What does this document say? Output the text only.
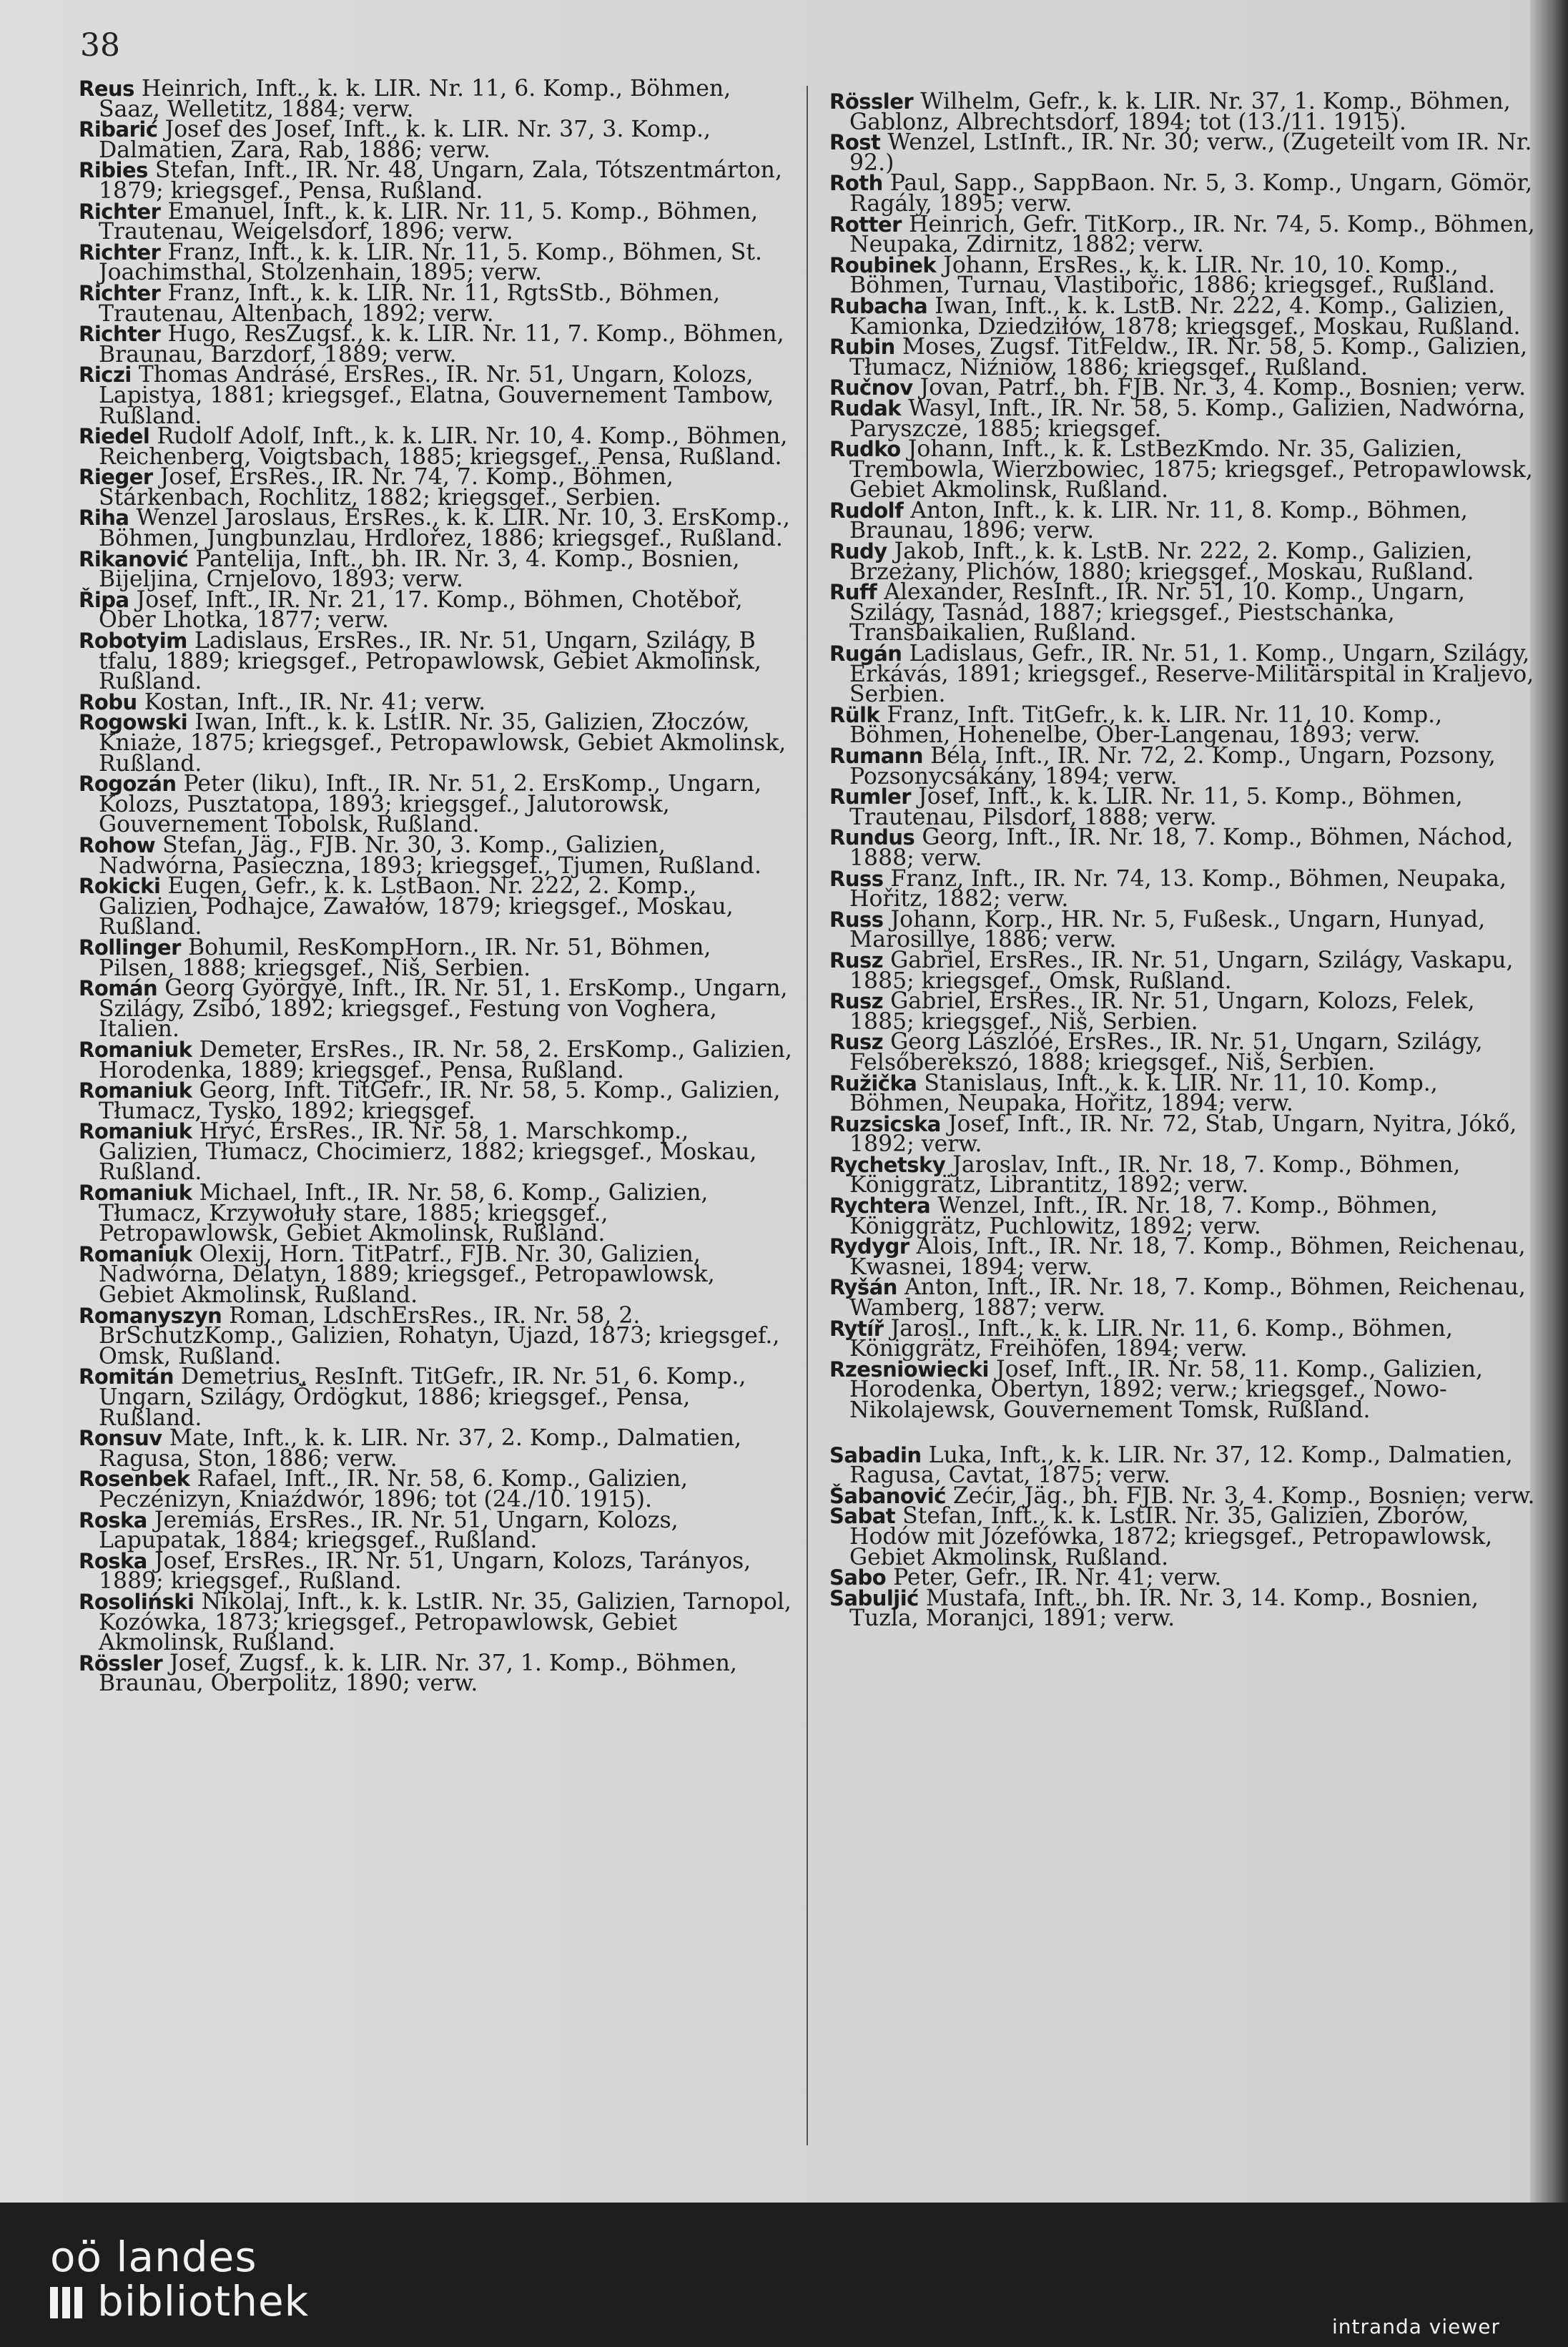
38
Reus Heinrich, Inft., k. k. LIR. Nr. 11, 6. Komp., Böhmen, Saaz, Welletitz, 1884; verw.
Ribarić Josef des Josef, Inft., k. k. LIR. Nr. 37, 3. Komp., Dalmatien, Zara, Rab, 1886; verw.
Ribies Stefan, Inft., IR. Nr. 48, Ungarn, Zala, Tótszentmárton, 1879; kriegsgef., Pensa, Rußland.
Richter Emanuel, Inft., k. k. LIR. Nr. 11, 5. Komp., Böhmen, Trautenau, Weigelsdorf, 1896; verw.
Richter Franz, Inft., k. k. LIR. Nr. 11, 5. Komp., Böhmen, St. Joachimsthal, Stolzenhain, 1895; verw.
Richter Franz, Inft., k. k. LIR. Nr. 11, RgtsStb., Böhmen, Trautenau, Altenbach, 1892; verw.
Richter Hugo, ResZugsf., k. k. LIR. Nr. 11, 7. Komp., Böhmen, Braunau, Barzdorf, 1889; verw.
Riczi Thomas Andrásé, ErsRes., IR. Nr. 51, Ungarn, Kolozs, Lapistya, 1881; kriegsgef., Elatna, Gouvernement Tambow, Rußland.
Riedel Rudolf Adolf, Inft., k. k. LIR. Nr. 10, 4. Komp., Böhmen, Reichenberg, Voigtsbach, 1885; kriegsgef., Pensa, Rußland.
Rieger Josef, ErsRes., IR. Nr. 74, 7. Komp., Böhmen, Stárkenbach, Rochlitz, 1882; kriegsgef., Serbien.
Riha Wenzel Jaroslaus, ErsRes., k. k. LIR. Nr. 10, 3. ErsKomp., Böhmen, Jungbunzlau, Hrdlořez, 1886; kriegsgef., Rußland.
Rikanović Pantelija, Inft., bh. IR. Nr. 3, 4. Komp., Bosnien, Bijeljina, Crnjelovo, 1893; verw.
Řipa Josef, Inft., IR. Nr. 21, 17. Komp., Böhmen, Chotěboř, Ober Lhotka, 1877; verw.
Robotyim Ladislaus, ErsRes., IR. Nr. 51, Ungarn, Szilágy, B tfalu, 1889; kriegsgef., Petropawlowsk, Gebiet Akmolinsk, Rußland.
Robu Kostan, Inft., IR. Nr. 41; verw.
Rogowski Iwan, Inft., k. k. LstIR. Nr. 35, Galizien, Złoczów, Kniaże, 1875; kriegsgef., Petropawlowsk, Gebiet Akmolinsk, Rußland.
Rogozán Peter (liku), Inft., IR. Nr. 51, 2. ErsKomp., Ungarn, Kolozs, Pusztatopa, 1893; kriegsgef., Jalutorowsk, Gouvernement Tobolsk, Rußland.
Rohow Stefan, Jäg., FJB. Nr. 30, 3. Komp., Galizien, Nadwórna, Pasieczna, 1893; kriegsgef., Tjumen, Rußland.
Rokicki Eugen, Gefr., k. k. LstBaon. Nr. 222, 2. Komp., Galizien, Podhajce, Zawałów, 1879; kriegsgef., Moskau, Rußland.
Rollinger Bohumil, ResKompHorn., IR. Nr. 51, Böhmen, Pilsen, 1888; kriegsgef., Niš, Serbien.
Román Georg Györgyé, Inft., IR. Nr. 51, 1. ErsKomp., Ungarn, Szilágy, Zsibó, 1892; kriegsgef., Festung von Voghera, Italien.
Romaniuk Demeter, ErsRes., IR. Nr. 58, 2. ErsKomp., Galizien, Horodenka, 1889; kriegsgef., Pensa, Rußland.
Romaniuk Georg, Inft. TitGefr., IR. Nr. 58, 5. Komp., Galizien, Tłumacz, Tysko, 1892; kriegsgef.
Romaniuk Hryć, ErsRes., IR. Nr. 58, 1. Marschkomp., Galizien, Tłumacz, Chocimierz, 1882; kriegsgef., Moskau, Rußland.
Romaniuk Michael, Inft., IR. Nr. 58, 6. Komp., Galizien, Tłumacz, Krzywołuły stare, 1885; kriegsgef., Petropawlowsk, Gebiet Akmolinsk, Rußland.
Romaniuk Olexij, Horn. TitPatrf., FJB. Nr. 30, Galizien, Nadwórna, Delatyn, 1889; kriegsgef., Petropawlowsk, Gebiet Akmolinsk, Rußland.
Romanyszyn Roman, LdschErsRes., IR. Nr. 58, 2. BrSchutzKomp., Galizien, Rohatyn, Ujazd, 1873; kriegsgef., Omsk, Rußland.
Romitán Demetrius, ResInft. TitGefr., IR. Nr. 51, 6. Komp., Ungarn, Szilágy, Ördögkut, 1886; kriegsgef., Pensa, Rußland.
Ronsuv Mate, Inft., k. k. LIR. Nr. 37, 2. Komp., Dalmatien, Ragusa, Ston, 1886; verw.
Rosenbek Rafael, Inft., IR. Nr. 58, 6. Komp., Galizien, Peczénizyn, Kniaźdwór, 1896; tot (24./10. 1915).
Roska Jeremiás, ErsRes., IR. Nr. 51, Ungarn, Kolozs, Lapupatak, 1884; kriegsgef., Rußland.
Roska Josef, ErsRes., IR. Nr. 51, Ungarn, Kolozs, Tarányos, 1889; kriegsgef., Rußland.
Rosoliński Nikolaj, Inft., k. k. LstIR. Nr. 35, Galizien, Tarnopol, Kozówka, 1873; kriegsgef., Petropawlowsk, Gebiet Akmolinsk, Rußland.
Rössler Josef, Zugsf., k. k. LIR. Nr. 37, 1. Komp., Böhmen, Braunau, Oberpolitz, 1890; verw.
Rössler Wilhelm, Gefr., k. k. LIR. Nr. 37, 1. Komp., Böhmen, Gablonz, Albrechtsdorf, 1894; tot (13./11. 1915).
Rost Wenzel, LstInft., IR. Nr. 30; verw., (Zugeteilt vom IR. Nr. 92.)
Roth Paul, Sapp., SappBaon. Nr. 5, 3. Komp., Ungarn, Gömör, Ragály, 1895; verw.
Rotter Heinrich, Gefr. TitKorp., IR. Nr. 74, 5. Komp., Böhmen, Neupaka, Zdirnitz, 1882; verw.
Roubinek Johann, ErsRes., k. k. LIR. Nr. 10, 10. Komp., Böhmen, Turnau, Vlastibořic, 1886; kriegsgef., Rußland.
Rubacha Iwan, Inft., k. k. LstB. Nr. 222, 4. Komp., Galizien, Kamionka, Dziedziłów, 1878; kriegsgef., Moskau, Rußland.
Rubin Moses, Zugsf. TitFeldw., IR. Nr. 58, 5. Komp., Galizien, Tłumacz, Niźniów, 1886; kriegsgef., Rußland.
Ručnov Jovan, Patrf., bh. FJB. Nr. 3, 4. Komp., Bosnien; verw.
Rudak Wasyl, Inft., IR. Nr. 58, 5. Komp., Galizien, Nadwórna, Paryszcze, 1885; kriegsgef.
Rudko Johann, Inft., k. k. LstBezKmdo. Nr. 35, Galizien, Trembowla, Wierzbowiec, 1875; kriegsgef., Petropawlowsk, Gebiet Akmolinsk, Rußland.
Rudolf Anton, Inft., k. k. LIR. Nr. 11, 8. Komp., Böhmen, Braunau, 1896; verw.
Rudy Jakob, Inft., k. k. LstB. Nr. 222, 2. Komp., Galizien, Brzeżany, Plichów, 1880; kriegsgef., Moskau, Rußland.
Ruff Alexander, ResInft., IR. Nr. 51, 10. Komp., Ungarn, Szilágy, Tasnád, 1887; kriegsgef., Piestschanka, Transbaikalien, Rußland.
Rugán Ladislaus, Gefr., IR. Nr. 51, 1. Komp., Ungarn, Szilágy, Erkávás, 1891; kriegsgef., Reserve-Militärspital in Kraljevo, Serbien.
Rülk Franz, Inft. TitGefr., k. k. LIR. Nr. 11, 10. Komp., Böhmen, Hohenelbe, Ober-Langenau, 1893; verw.
Rumann Béla, Inft., IR. Nr. 72, 2. Komp., Ungarn, Pozsony, Pozsonycsákány, 1894; verw.
Rumler Josef, Inft., k. k. LIR. Nr. 11, 5. Komp., Böhmen, Trautenau, Pilsdorf, 1888; verw.
Rundus Georg, Inft., IR. Nr. 18, 7. Komp., Böhmen, Náchod, 1888; verw.
Russ Franz, Inft., IR. Nr. 74, 13. Komp., Böhmen, Neupaka, Hořitz, 1882; verw.
Russ Johann, Korp., HR. Nr. 5, Fußesk., Ungarn, Hunyad, Marosillye, 1886; verw.
Rusz Gabriel, ErsRes., IR. Nr. 51, Ungarn, Szilágy, Vaskapu, 1885; kriegsgef., Omsk, Rußland.
Rusz Gabriel, ErsRes., IR. Nr. 51, Ungarn, Kolozs, Felek, 1885; kriegsgef., Niš, Serbien.
Rusz Georg Lászlóé, ErsRes., IR. Nr. 51, Ungarn, Szilágy, Felsőberekszó, 1888; kriegsgef., Niš, Serbien.
Ružička Stanislaus, Inft., k. k. LIR. Nr. 11, 10. Komp., Böhmen, Neupaka, Hořitz, 1894; verw.
Ruzsicska Josef, Inft., IR. Nr. 72, Stab, Ungarn, Nyitra, Jókő, 1892; verw.
Rychetsky Jaroslav, Inft., IR. Nr. 18, 7. Komp., Böhmen, Königgrätz, Librantitz, 1892; verw.
Rychtera Wenzel, Inft., IR. Nr. 18, 7. Komp., Böhmen, Königgrätz, Puchlowitz, 1892; verw.
Rydygr Alois, Inft., IR. Nr. 18, 7. Komp., Böhmen, Reichenau, Kwasnei, 1894; verw.
Ryšán Anton, Inft., IR. Nr. 18, 7. Komp., Böhmen, Reichenau, Wamberg, 1887; verw.
Rytíř Jarosl., Inft., k. k. LIR. Nr. 11, 6. Komp., Böhmen, Königgrätz, Freihöfen, 1894; verw.
Rzesniowiecki Josef, Inft., IR. Nr. 58, 11. Komp., Galizien, Horodenka, Obertyn, 1892; verw.; kriegsgef., Nowo-Nikolajewsk, Gouvernement Tomsk, Rußland.
Sabadin Luka, Inft., k. k. LIR. Nr. 37, 12. Komp., Dalmatien, Ragusa, Cavtat, 1875; verw.
Šabanović Zećir, Jäg., bh. FJB. Nr. 3, 4. Komp., Bosnien; verw.
Sabat Stefan, Inft., k. k. LstIR. Nr. 35, Galizien, Zborów, Hodów mit Józefówka, 1872; kriegsgef., Petropawlowsk, Gebiet Akmolinsk, Rußland.
Sabo Peter, Gefr., IR. Nr. 41; verw.
Sabuljić Mustafa, Inft., bh. IR. Nr. 3, 14. Komp., Bosnien, Tuzla, Moranjci, 1891; verw.
oö landes
bibliothek
intranda viewer
